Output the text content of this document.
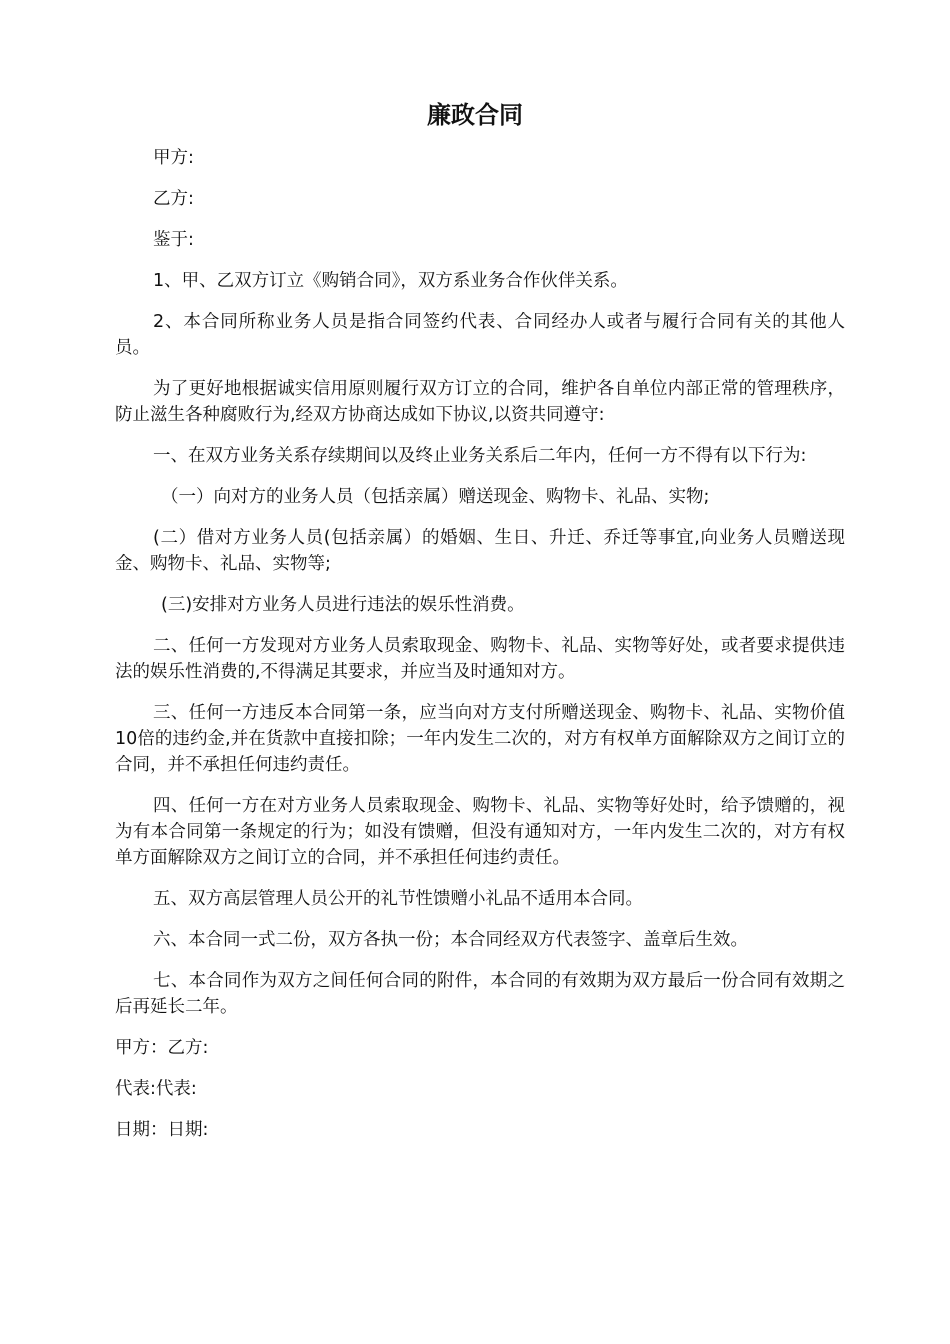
廉政合同

甲方:

乙方:

鉴于:

1、甲、乙双方订立《购销合同》，双方系业务合作伙伴关系。

2、本合同所称业务人员是指合同签约代表、合同经办人或者与履行合同有关的其他人员。

为了更好地根据诚实信用原则履行双方订立的合同，维护各自单位内部正常的管理秩序，防止滋生各种腐败行为,经双方协商达成如下协议,以资共同遵守:

一、在双方业务关系存续期间以及终止业务关系后二年内，任何一方不得有以下行为:

（一）向对方的业务人员（包括亲属）赠送现金、购物卡、礼品、实物;

(二）借对方业务人员(包括亲属）的婚姻、生日、升迁、乔迁等事宜,向业务人员赠送现金、购物卡、礼品、实物等;

(三)安排对方业务人员进行违法的娱乐性消费。

二、任何一方发现对方业务人员索取现金、购物卡、礼品、实物等好处，或者要求提供违法的娱乐性消费的,不得满足其要求，并应当及时通知对方。

三、任何一方违反本合同第一条，应当向对方支付所赠送现金、购物卡、礼品、实物价值10倍的违约金,并在货款中直接扣除；一年内发生二次的，对方有权单方面解除双方之间订立的合同，并不承担任何违约责任。

四、任何一方在对方业务人员索取现金、购物卡、礼品、实物等好处时，给予馈赠的，视为有本合同第一条规定的行为；如没有馈赠，但没有通知对方，一年内发生二次的，对方有权单方面解除双方之间订立的合同，并不承担任何违约责任。

五、双方高层管理人员公开的礼节性馈赠小礼品不适用本合同。

六、本合同一式二份，双方各执一份；本合同经双方代表签字、盖章后生效。

七、本合同作为双方之间任何合同的附件，本合同的有效期为双方最后一份合同有效期之后再延长二年。

甲方：乙方:

代表:代表:

日期：日期:
